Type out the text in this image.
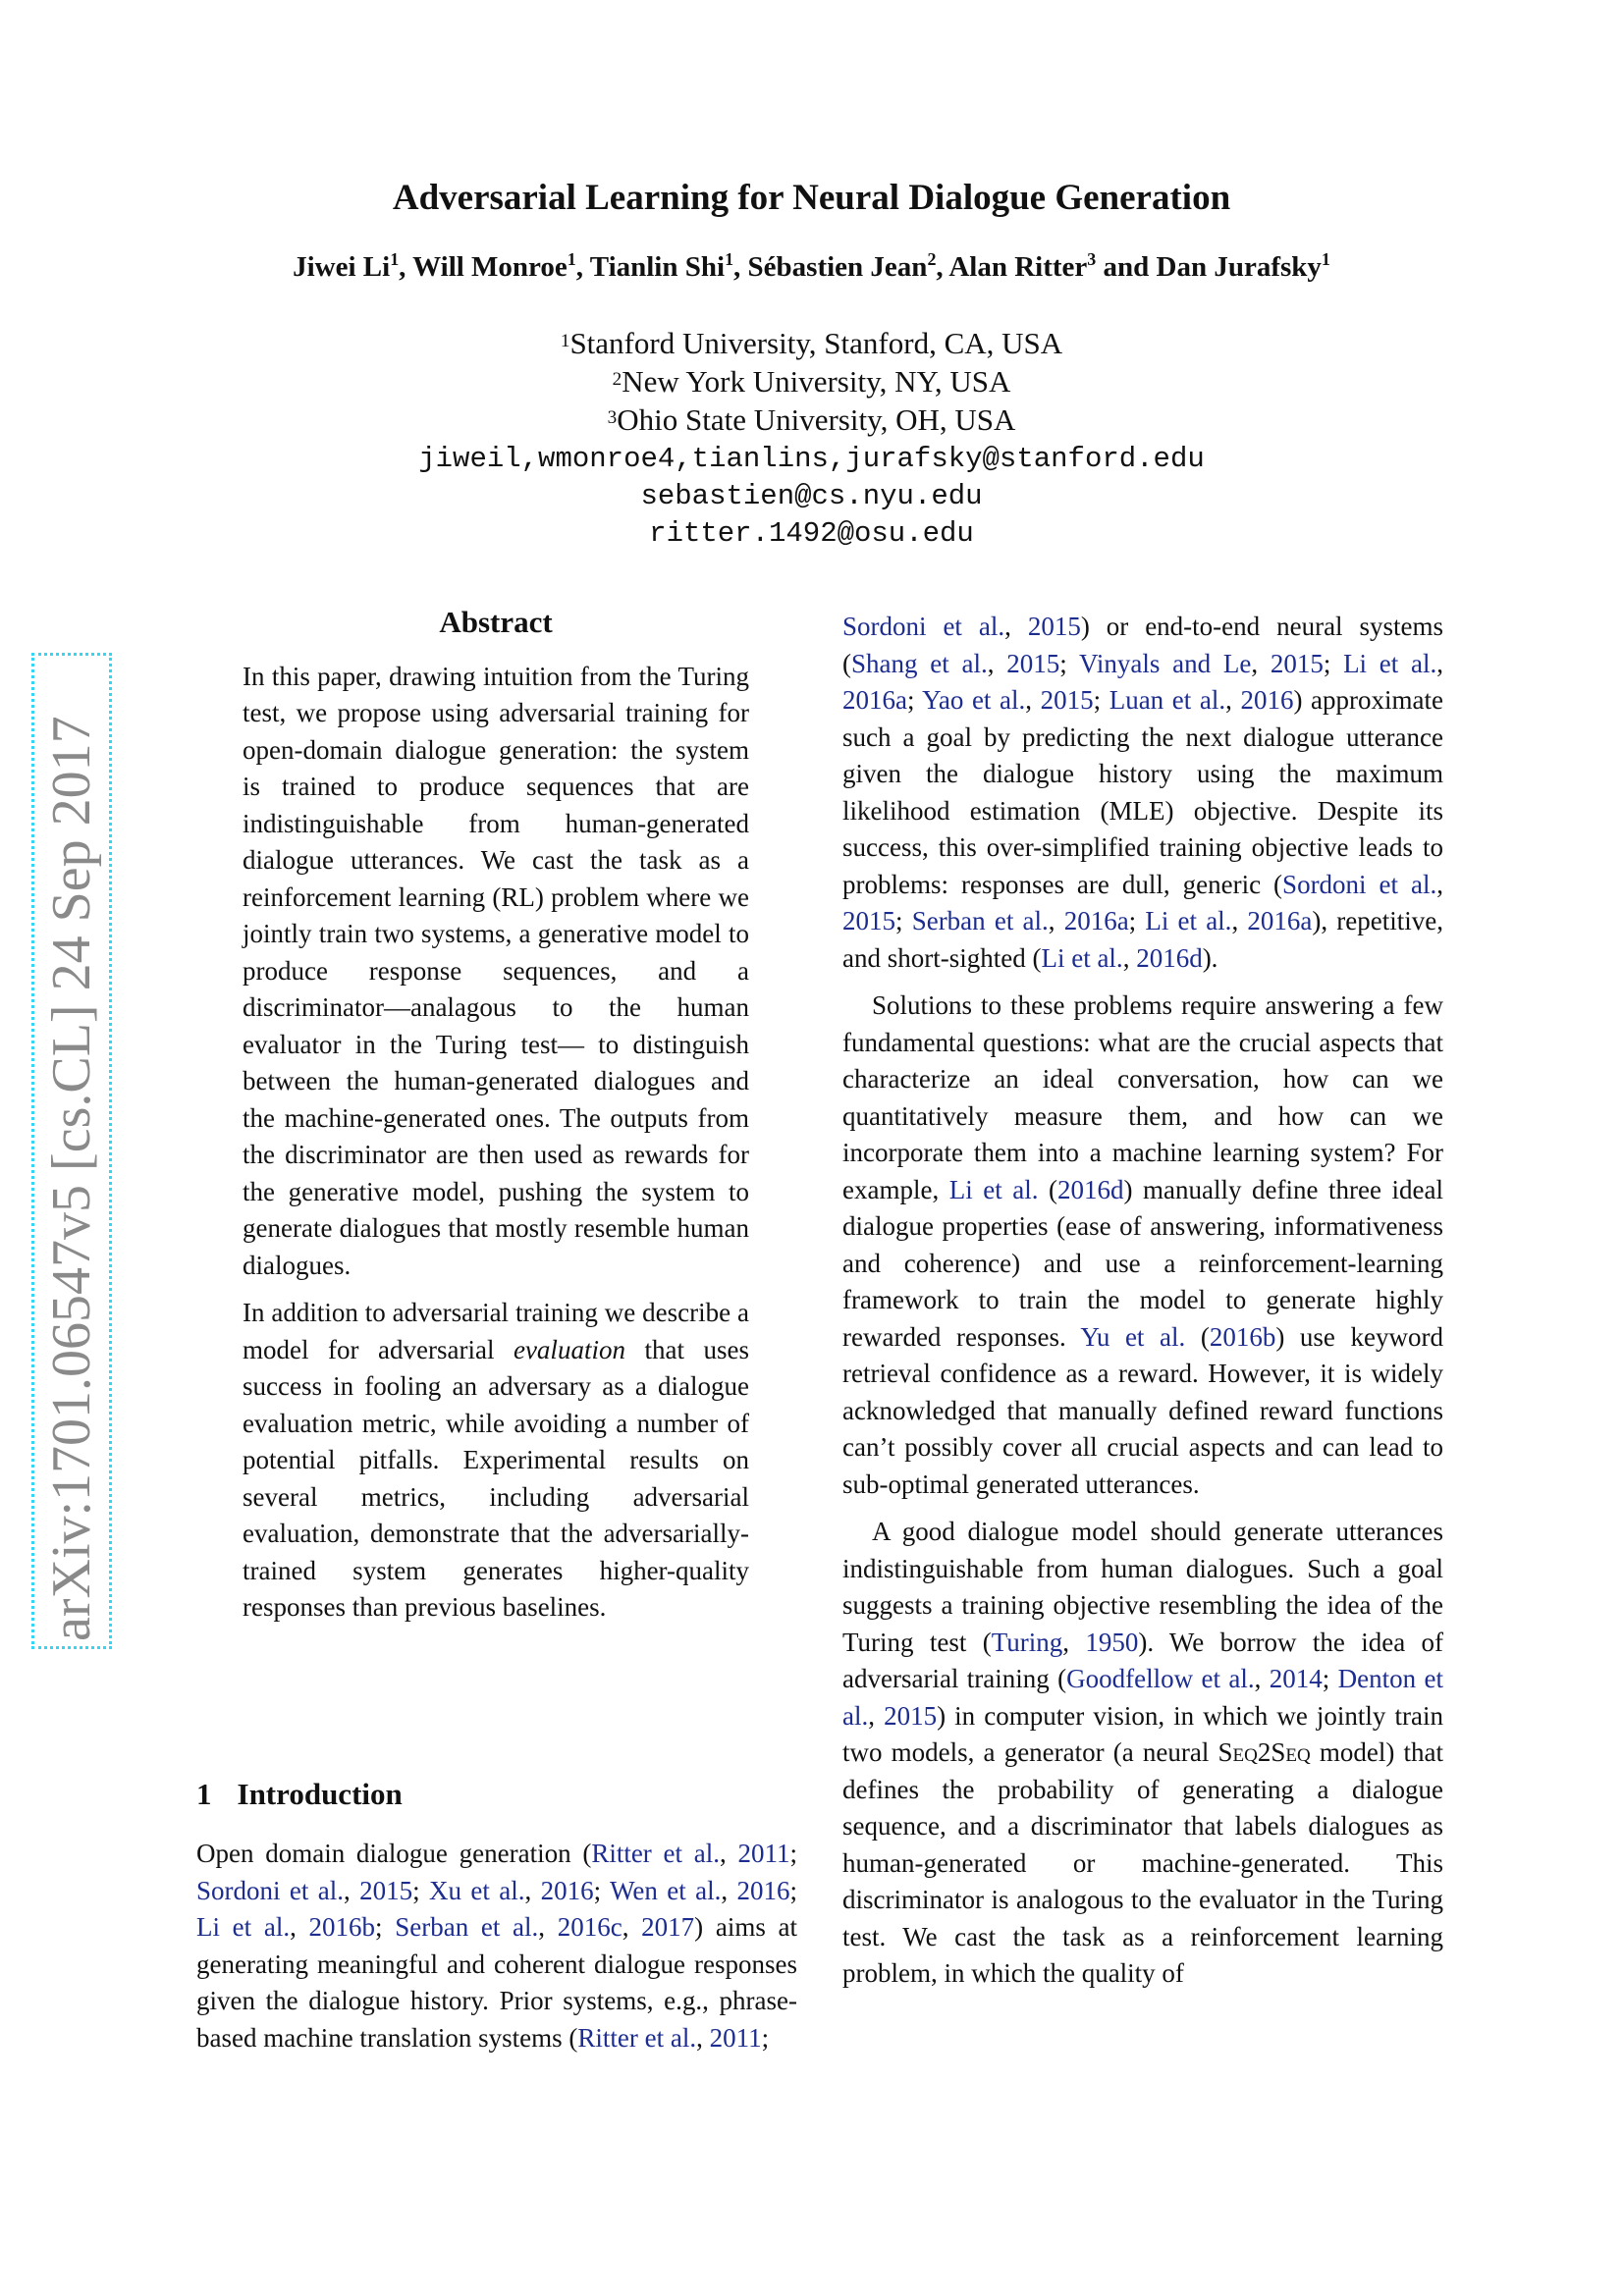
Adversarial Learning for Neural Dialogue Generation
Jiwei Li$^1$, Will Monroe$^1$, Tianlin Shi$^1$, Sébastien Jean$^2$, Alan Ritter$^3$ and Dan Jurafsky$^1$
$^1$Stanford University, Stanford, CA, USA
$^2$New York University, NY, USA
$^3$Ohio State University, OH, USA
jiweil,wmonroe4,tianlins,jurafsky@stanford.edu
sebastien@cs.nyu.edu
ritter.1492@osu.edu
arXiv:1701.06547v5 [cs.CL] 24 Sep 2017
Abstract

In this paper, drawing intuition from the Turing test, we propose using adversarial training for open-domain dialogue generation: the system is trained to produce sequences that are indistinguishable from human-generated dialogue utterances. We cast the task as a reinforcement learning (RL) problem where we jointly train two systems, a generative model to produce response sequences, and a discriminator—analagous to the human evaluator in the Turing test— to distinguish between the human-generated dialogues and the machine-generated ones. The outputs from the discriminator are then used as rewards for the generative model, pushing the system to generate dialogues that mostly resemble human dialogues.

In addition to adversarial training we describe a model for adversarial evaluation that uses success in fooling an adversary as a dialogue evaluation metric, while avoiding a number of potential pitfalls. Experimental results on several metrics, including adversarial evaluation, demonstrate that the adversarially-trained system generates higher-quality responses than previous baselines.

1 Introduction

Open domain dialogue generation (Ritter et al., 2011; Sordoni et al., 2015; Xu et al., 2016; Wen et al., 2016; Li et al., 2016b; Serban et al., 2016c, 2017) aims at generating meaningful and coherent dialogue responses given the dialogue history. Prior systems, e.g., phrase-based machine translation systems (Ritter et al., 2011;

Sordoni et al., 2015) or end-to-end neural systems (Shang et al., 2015; Vinyals and Le, 2015; Li et al., 2016a; Yao et al., 2015; Luan et al., 2016) approximate such a goal by predicting the next dialogue utterance given the dialogue history using the maximum likelihood estimation (MLE) objective. Despite its success, this over-simplified training objective leads to problems: responses are dull, generic (Sordoni et al., 2015; Serban et al., 2016a; Li et al., 2016a), repetitive, and short-sighted (Li et al., 2016d).

Solutions to these problems require answering a few fundamental questions: what are the crucial aspects that characterize an ideal conversation, how can we quantitatively measure them, and how can we incorporate them into a machine learning system? For example, Li et al. (2016d) manually define three ideal dialogue properties (ease of answering, informativeness and coherence) and use a reinforcement-learning framework to train the model to generate highly rewarded responses. Yu et al. (2016b) use keyword retrieval confidence as a reward. However, it is widely acknowledged that manually defined reward functions can’t possibly cover all crucial aspects and can lead to sub-optimal generated utterances.

A good dialogue model should generate utterances indistinguishable from human dialogues. Such a goal suggests a training objective resembling the idea of the Turing test (Turing, 1950). We borrow the idea of adversarial training (Goodfellow et al., 2014; Denton et al., 2015) in computer vision, in which we jointly train two models, a generator (a neural Seq2Seq model) that defines the probability of generating a dialogue sequence, and a discriminator that labels dialogues as human-generated or machine-generated. This discriminator is analogous to the evaluator in the Turing test. We cast the task as a reinforcement learning problem, in which the quality of
